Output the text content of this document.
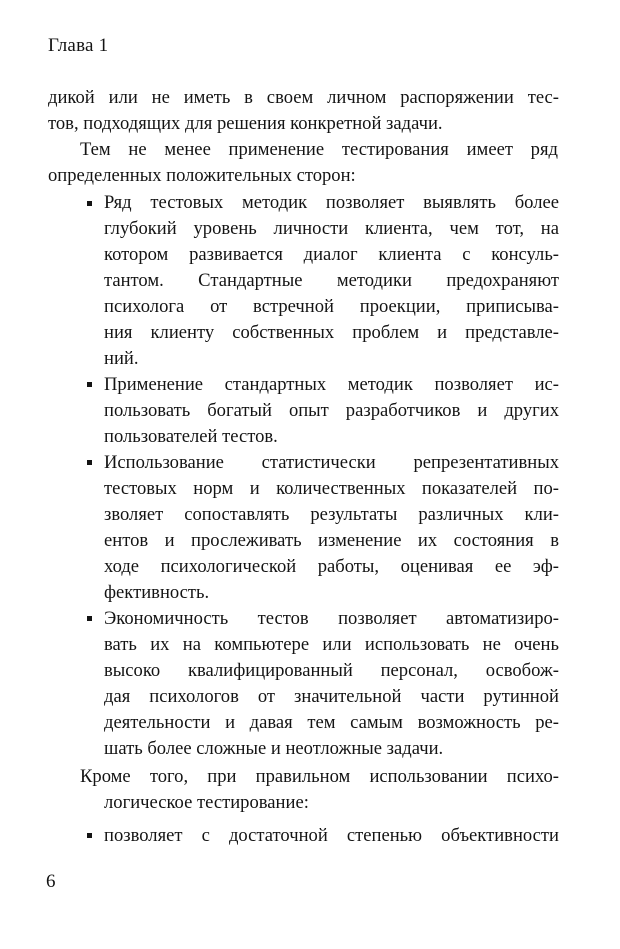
Глава 1
дикой или не иметь в своем личном распоряжении тес-
тов, подходящих для решения конкретной задачи.
Тем не менее применение тестирования имеет ряд
определенных положительных сторон:
Ряд тестовых методик позволяет выявлять более
глубокий уровень личности клиента, чем тот, на
котором развивается диалог клиента с консуль-
тантом. Стандартные методики предохраняют
психолога от встречной проекции, приписыва-
ния клиенту собственных проблем и представле-
ний.
Применение стандартных методик позволяет ис-
пользовать богатый опыт разработчиков и других
пользователей тестов.
Использование статистически репрезентативных
тестовых норм и количественных показателей по-
зволяет сопоставлять результаты различных кли-
ентов и прослеживать изменение их состояния в
ходе психологической работы, оценивая ее эф-
фективность.
Экономичность тестов позволяет автоматизиро-
вать их на компьютере или использовать не очень
высоко квалифицированный персонал, освобож-
дая психологов от значительной части рутинной
деятельности и давая тем самым возможность ре-
шать более сложные и неотложные задачи.
Кроме того, при правильном использовании психо-
логическое тестирование:
позволяет с достаточной степенью объективности
6
